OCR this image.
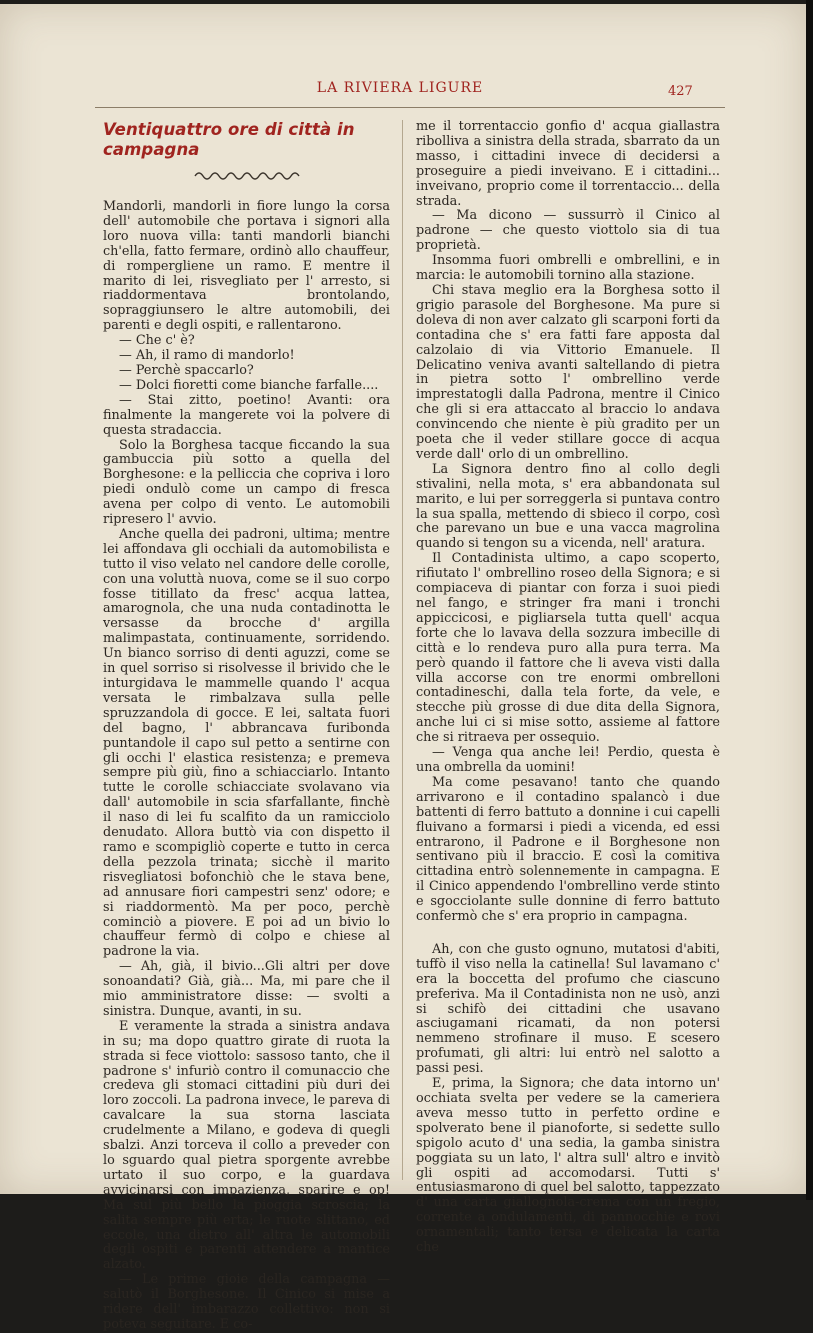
LA RIVIERA LIGURE	427
Ventiquattro ore di città in campagna

Mandorli, mandorli in fiore lungo la corsa dell' automobile che portava i signori alla loro nuova villa: tanti mandorli bianchi ch'ella, fatto fermare, ordinò allo chauffeur, di rompergliene un ramo. E mentre il marito di lei, risvegliato per l' arresto, si riaddormentava brontolando, sopraggiunsero le altre automobili, dei parenti e degli ospiti, e rallentarono.

— Che c' è?

— Ah, il ramo di mandorlo!

— Perchè spaccarlo?

— Dolci fioretti come bianche farfalle....

— Stai zitto, poetino! Avanti: ora finalmente la mangerete voi la polvere di questa stradaccia.

Solo la Borghesa tacque ficcando la sua gambuccia più sotto a quella del Borghesone: e la pelliccia che copriva i loro piedi ondulò come un campo di fresca avena per colpo di vento. Le automobili ripresero l' avvio.

Anche quella dei padroni, ultima; mentre lei affondava gli occhiali da automobilista e tutto il viso velato nel candore delle corolle, con una voluttà nuova, come se il suo corpo fosse titillato da fresc' acqua lattea, amarognola, che una nuda contadinotta le versasse da brocche d' argilla malimpastata, continuamente, sorridendo. Un bianco sorriso di denti aguzzi, come se in quel sorriso si risolvesse il brivido che le inturgidava le mammelle quando l' acqua versata le rimbalzava sulla pelle spruzzandola di gocce. E lei, saltata fuori del bagno, l' abbrancava furibonda puntandole il capo sul petto a sentirne con gli occhi l' elastica resistenza; e premeva sempre più giù, fino a schiacciarlo. Intanto tutte le corolle schiacciate svolavano via dall' automobile in scia sfarfallante, finchè il naso di lei fu scalfito da un ramicciolo denudato. Allora buttò via con dispetto il ramo e scompigliò coperte e tutto in cerca della pezzola trinata; sicchè il marito risvegliatosi bofonchiò che le stava bene, ad annusare fiori campestri senz' odore; e si riaddormentò. Ma per poco, perchè cominciò a piovere. E poi ad un bivio lo chauffeur fermò di colpo e chiese al padrone la via.

— Ah, già, il bivio...Gli altri per dove sonoandati? Già, già... Ma, mi pare che il mio amministratore disse: — svolti a sinistra. Dunque, avanti, in su.

E veramente la strada a sinistra andava in su; ma dopo quattro girate di ruota la strada si fece viottolo: sassoso tanto, che il padrone s' infuriò contro il comunaccio che credeva gli stomaci cittadini più duri dei loro zoccoli. La padrona invece, le pareva di cavalcare la sua storna lasciata crudelmente a Milano, e godeva di quegli sbalzi. Anzi torceva il collo a preveder con lo sguardo qual pietra sporgente avrebbe urtato il suo corpo, e la guardava avvicinarsi con impazienza, sparire e op! Ma sul più bello la pioggia scroscia; la salita sempre più erta; le ruote slittano, ed eccole, una dietro all' altra le automobili degli ospiti e parenti attendere a mantice alzato.

— Le prime gioie della campagna — salutò il Borghesone. Il Cinico si mise a ridere dell' imbarazzo collettivo: non si poteva seguitare. E co-

me il torrentaccio gonfio d' acqua giallastra ribolliva a sinistra della strada, sbarrato da un masso, i cittadini invece di decidersi a proseguire a piedi inveivano. E i cittadini... inveivano, proprio come il torrentaccio... della strada.

— Ma dicono — sussurrò il Cinico al padrone — che questo viottolo sia di tua proprietà.

Insomma fuori ombrelli e ombrellini, e in marcia: le automobili tornino alla stazione.

Chi stava meglio era la Borghesa sotto il grigio parasole del Borghesone. Ma pure si doleva di non aver calzato gli scarponi forti da contadina che s' era fatti fare apposta dal calzolaio di via Vittorio Emanuele. Il Delicatino veniva avanti saltellando di pietra in pietra sotto l' ombrellino verde imprestatogli dalla Padrona, mentre il Cinico che gli si era attaccato al braccio lo andava convincendo che niente è più gradito per un poeta che il veder stillare gocce di acqua verde dall' orlo di un ombrellino.

La Signora dentro fino al collo degli stivalini, nella mota, s' era abbandonata sul marito, e lui per sorreggerla si puntava contro la sua spalla, mettendo di sbieco il corpo, così che parevano un bue e una vacca magrolina quando si tengon su a vicenda, nell' aratura.

Il Contadinista ultimo, a capo scoperto, rifiutato l' ombrellino roseo della Signora; e si compiaceva di piantar con forza i suoi piedi nel fango, e stringer fra mani i tronchi appiccicosi, e pigliarsela tutta quell' acqua forte che lo lavava della sozzura imbecille di città e lo rendeva puro alla pura terra. Ma però quando il fattore che li aveva visti dalla villa accorse con tre enormi ombrelloni contadineschi, dalla tela forte, da vele, e stecche più grosse di due dita della Signora, anche lui ci si mise sotto, assieme al fattore che si ritraeva per ossequio.

— Venga qua anche lei! Perdio, questa è una ombrella da uomini!

Ma come pesavano! tanto che quando arrivarono e il contadino spalancò i due battenti di ferro battuto a donnine i cui capelli fluivano a formarsi i piedi a vicenda, ed essi entrarono, il Padrone e il Borghesone non sentivano più il braccio. E così la comitiva cittadina entrò solennemente in campagna. E il Cinico appendendo l'ombrellino verde stinto e sgocciolante sulle donnine di ferro battuto confermò che s' era proprio in campagna.

Ah, con che gusto ognuno, mutatosi d'abiti, tuffò il viso nella la catinella! Sul lavamano c' era la boccetta del profumo che ciascuno preferiva. Ma il Contadinista non ne usò, anzi si schifò dei cittadini che usavano asciugamani ricamati, da non potersi nemmeno strofinare il muso. E scesero profumati, gli altri: lui entrò nel salotto a passi pesi.

E, prima, la Signora; che data intorno un' occhiata svelta per vedere se la cameriera aveva messo tutto in perfetto ordine e spolverato bene il pianoforte, si sedette sullo spigolo acuto d' una sedia, la gamba sinistra poggiata su un lato, l' altra sull' altro e invitò gli ospiti ad accomodarsi. Tutti s' entusiasmarono di quel bel salotto, tappezzato d' una carta giallognola-crema con un fregio, corrente a ondulamenti, di pannocchie e rovi ornamentali; tanto tersa e delicata la carta che
